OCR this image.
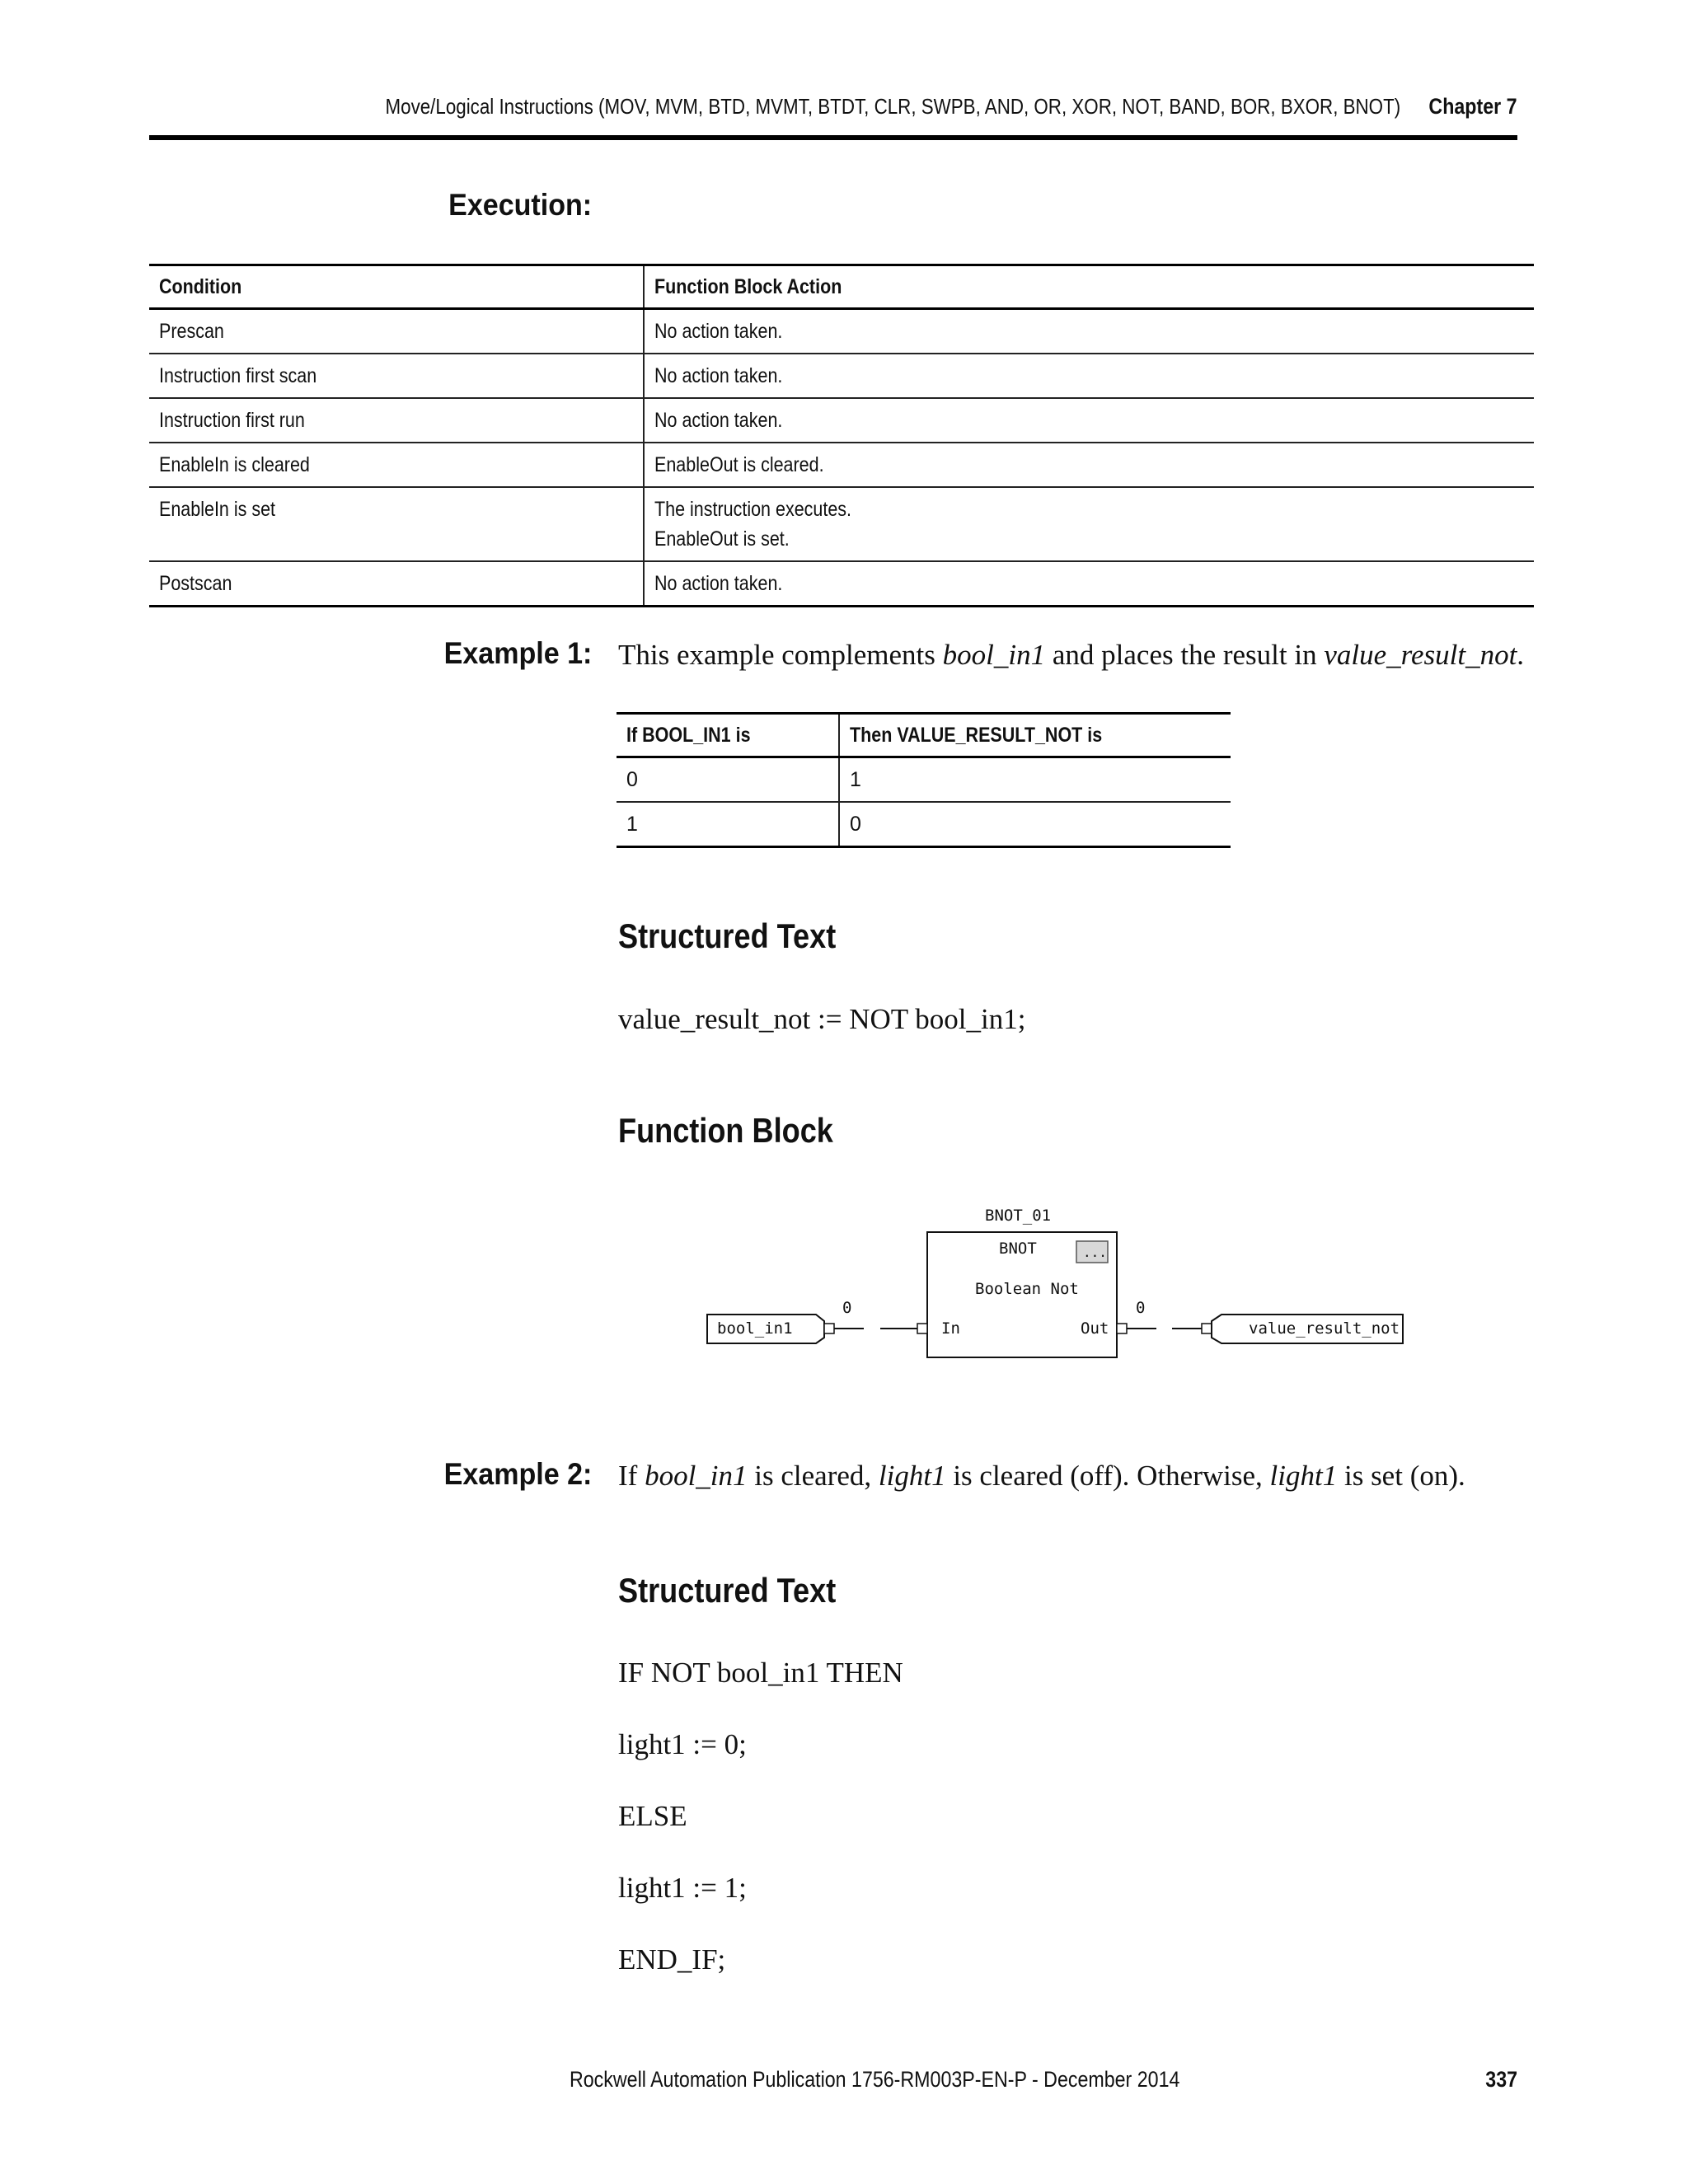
Move/Logical Instructions (MOV, MVM, BTD, MVMT, BTDT, CLR, SWPB, AND, OR, XOR, NOT, BAND, BOR, BXOR, BNOT) Chapter 7
Execution:
Condition	Function Block Action
Prescan	No action taken.
Instruction first scan	No action taken.
Instruction first run	No action taken.
EnableIn is cleared	EnableOut is cleared.
EnableIn is set	The instruction executes.
EnableOut is set.
Postscan	No action taken.
Example 1: This example complements bool_in1 and places the result in value_result_not.
If BOOL_IN1 is	Then VALUE_RESULT_NOT is
0	1
1	0
Structured Text
value_result_not := NOT bool_in1;
Function Block
BNOT_01
BNOT	...
Boolean Not
In	Out
bool_in1
0	0
value_result_not
Example 2: If bool_in1 is cleared, light1 is cleared (off). Otherwise, light1 is set (on).
Structured Text
IF NOT bool_in1 THEN
light1 := 0;
ELSE
light1 := 1;
END_IF;
Rockwell Automation Publication 1756-RM003P-EN-P - December 2014	337
